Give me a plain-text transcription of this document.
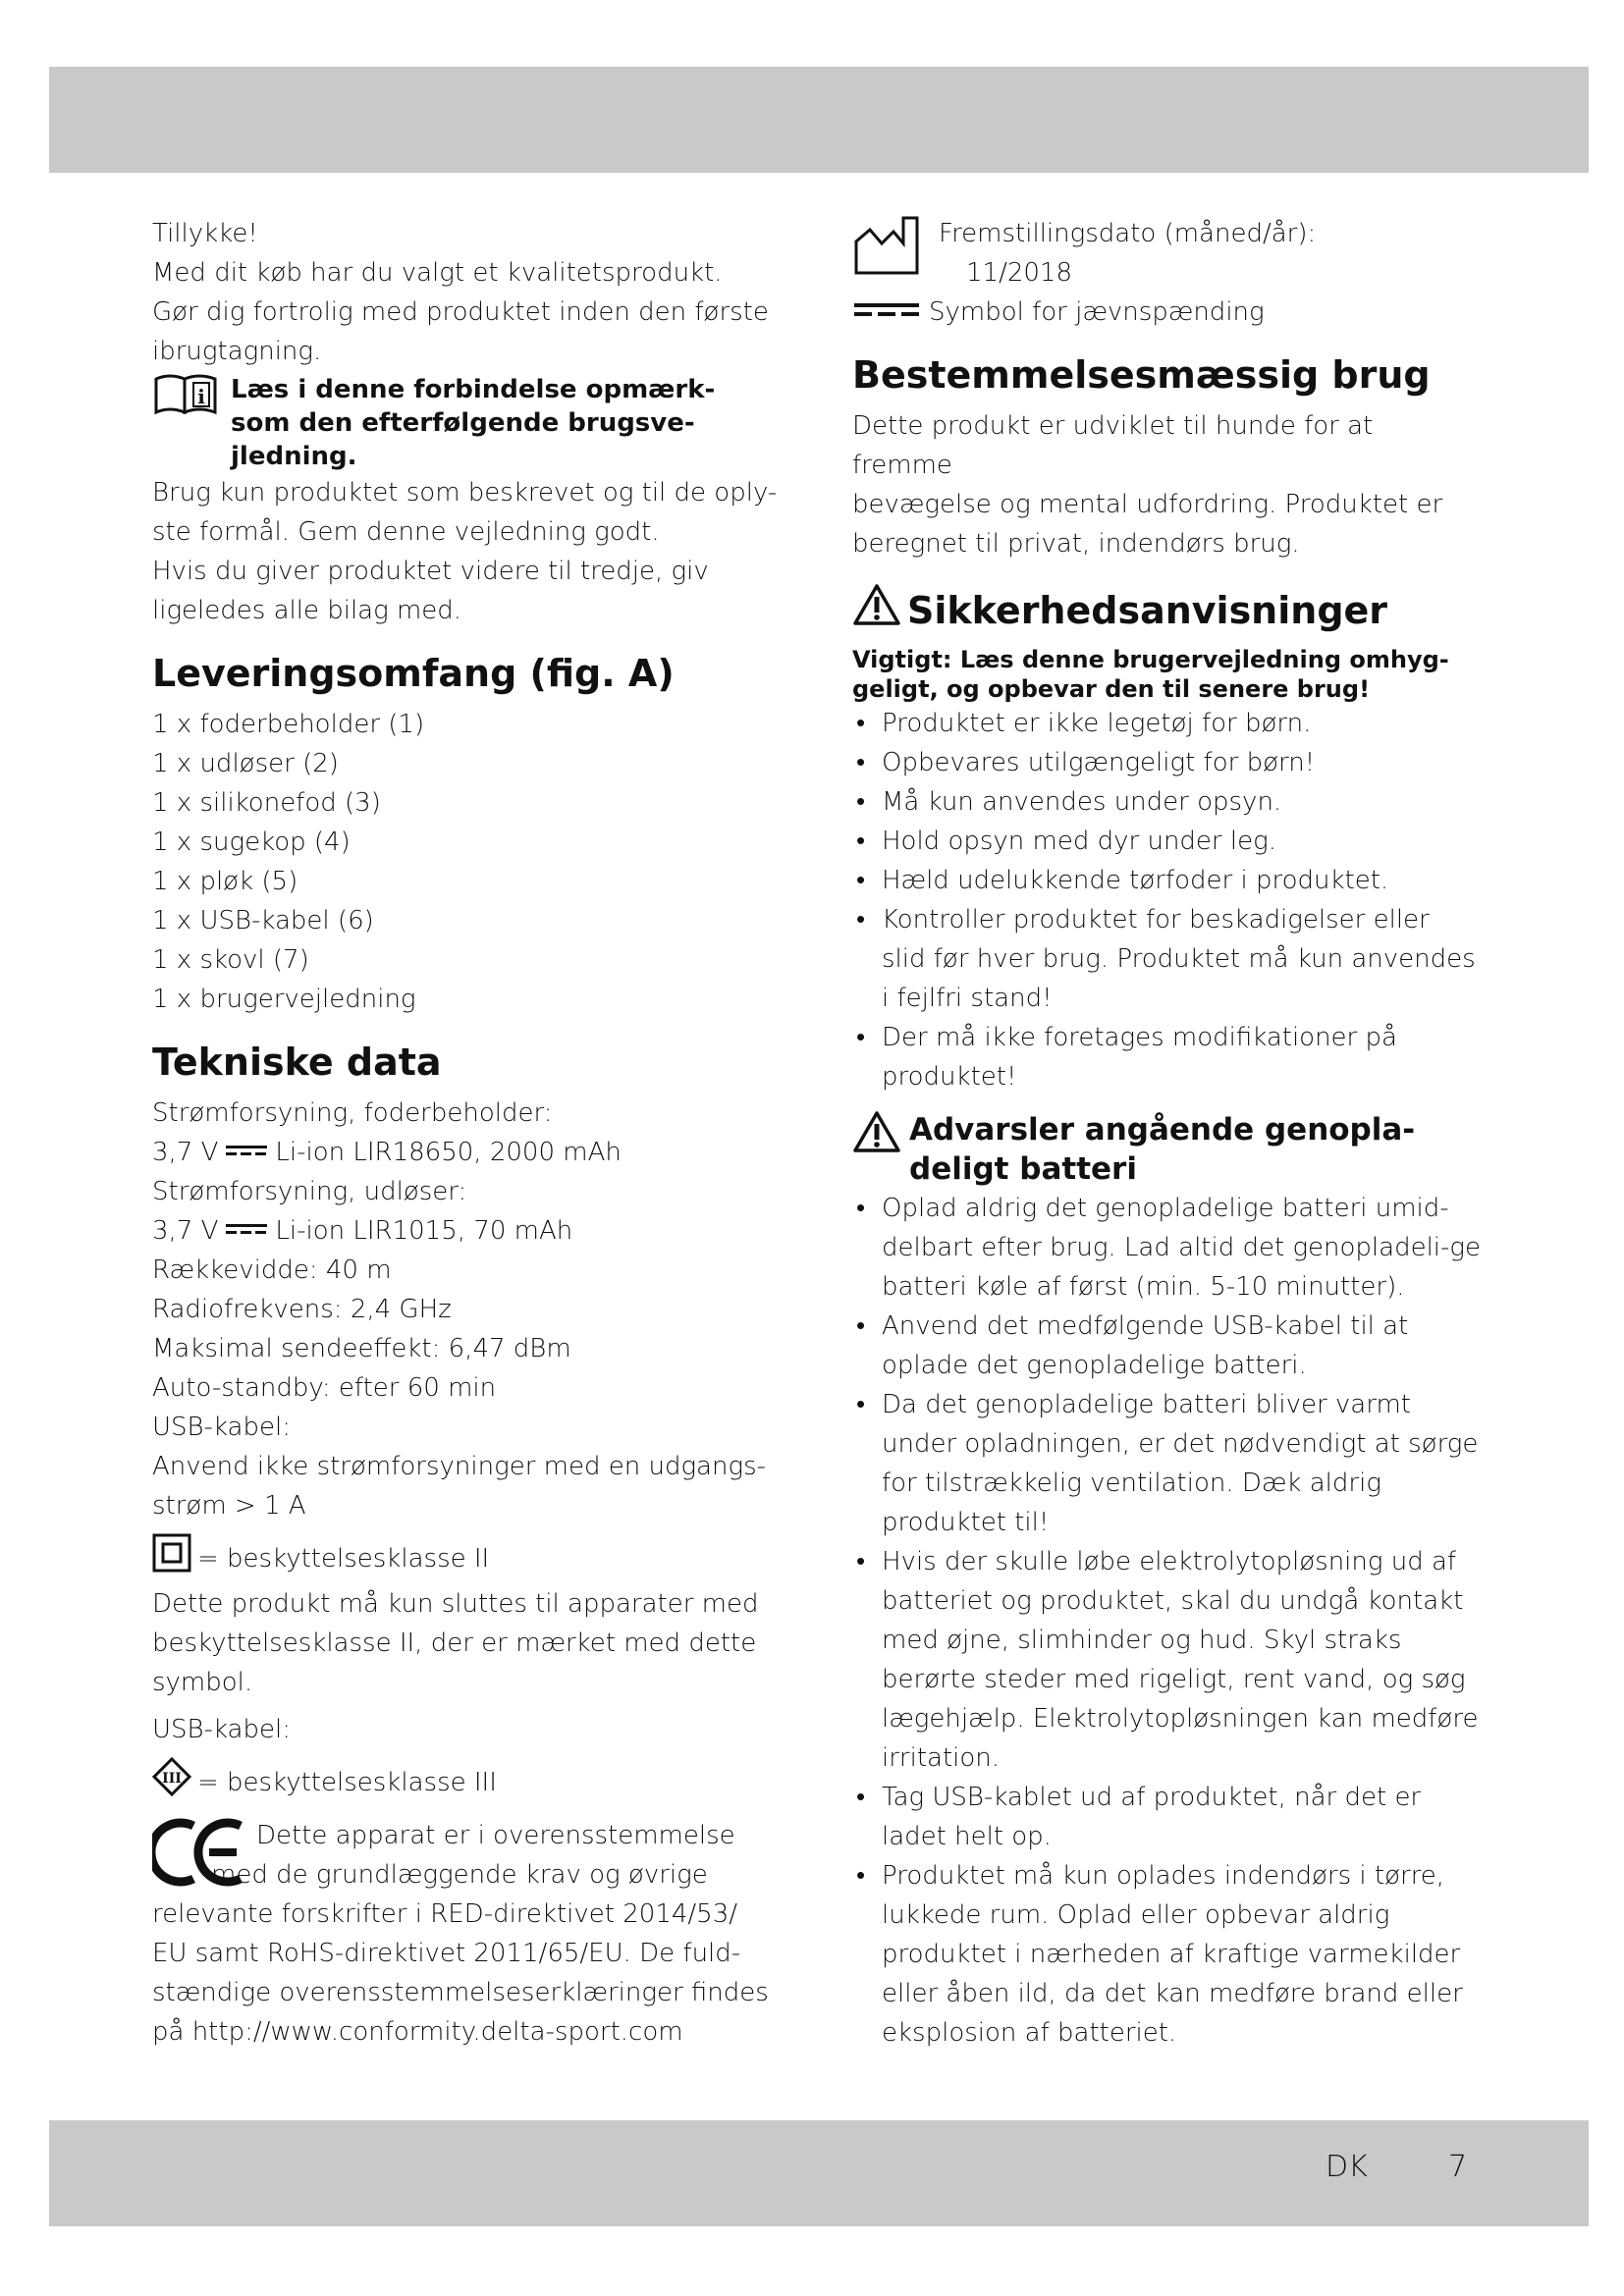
Tillykke!

Med dit køb har du valgt et kvalitetsprodukt.

Gør dig fortrolig med produktet inden den første ibrugtagning.

i Læs i denne forbindelse opmærk-
som den efterfølgende brugsve-
jledning.

Brug kun produktet som beskrevet og til de oply-

ste formål. Gem denne vejledning godt.

Hvis du giver produktet videre til tredje, giv

ligeledes alle bilag med.

Leveringsomfang (fig. A)
1 x foderbeholder (1)
1 x udløser (2)
1 x silikonefod (3)
1 x sugekop (4)
1 x pløk (5)
1 x USB-kabel (6)
1 x skovl (7)
1 x brugervejledning
Tekniske data

Strømforsyning, foderbeholder:

3,7 V Li-ion LIR18650, 2000 mAh

Strømforsyning, udløser:

3,7 V Li-ion LIR1015, 70 mAh

Rækkevidde: 40 m

Radiofrekvens: 2,4 GHz

Maksimal sendeeffekt: 6,47 dBm

Auto-standby: efter 60 min

USB-kabel:

Anvend ikke strømforsyninger med en udgangs-

strøm > 1 A

= beskyttelsesklasse II

Dette produkt må kun sluttes til apparater med

beskyttelsesklasse II, der er mærket med dette

symbol.

USB-kabel:

III = beskyttelsesklasse III

Dette apparat er i overensstemmelse

med de grundlæggende krav og øvrige

relevante forskrifter i RED-direktivet 2014/53/

EU samt RoHS-direktivet 2011/65/EU. De fuld-

stændige overensstemmelseserklæringer findes

på http://www.conformity.delta-sport.com

Fremstillingsdato (måned/år):

11/2018

Symbol for jævnspænding

Bestemmelsesmæssig brug

Dette produkt er udviklet til hunde for at fremme

bevægelse og mental udfordring. Produktet er

beregnet til privat, indendørs brug.

Sikkerhedsanvisninger
Vigtigt: Læs denne brugervejledning omhyg-
geligt, og opbevar den til senere brug!
• Produktet er ikke legetøj for børn.
• Opbevares utilgængeligt for børn!
• Må kun anvendes under opsyn.
• Hold opsyn med dyr under leg.
• Hæld udelukkende tørfoder i produktet.
• Kontroller produktet for beskadigelser eller slid før hver brug. Produktet må kun anvendes i fejlfri stand!
• Der må ikke foretages modifikationer på produktet!
Advarsler angående genopla-
deligt batteri
• Oplad aldrig det genopladelige batteri umid-delbart efter brug. Lad altid det genopladeli-ge batteri køle af først (min. 5-10 minutter).
• Anvend det medfølgende USB-kabel til at oplade det genopladelige batteri.
• Da det genopladelige batteri bliver varmt under opladningen, er det nødvendigt at sørge for tilstrækkelig ventilation. Dæk aldrig produktet til!
• Hvis der skulle løbe elektrolytopløsning ud af batteriet og produktet, skal du undgå kontakt med øjne, slimhinder og hud. Skyl straks berørte steder med rigeligt, rent vand, og søg lægehjælp. Elektrolytopløsningen kan medføre irritation.
• Tag USB-kablet ud af produktet, når det er ladet helt op.
• Produktet må kun oplades indendørs i tørre, lukkede rum. Oplad eller opbevar aldrig produktet i nærheden af kraftige varmekilder eller åben ild, da det kan medføre brand eller eksplosion af batteriet.
DK	7
